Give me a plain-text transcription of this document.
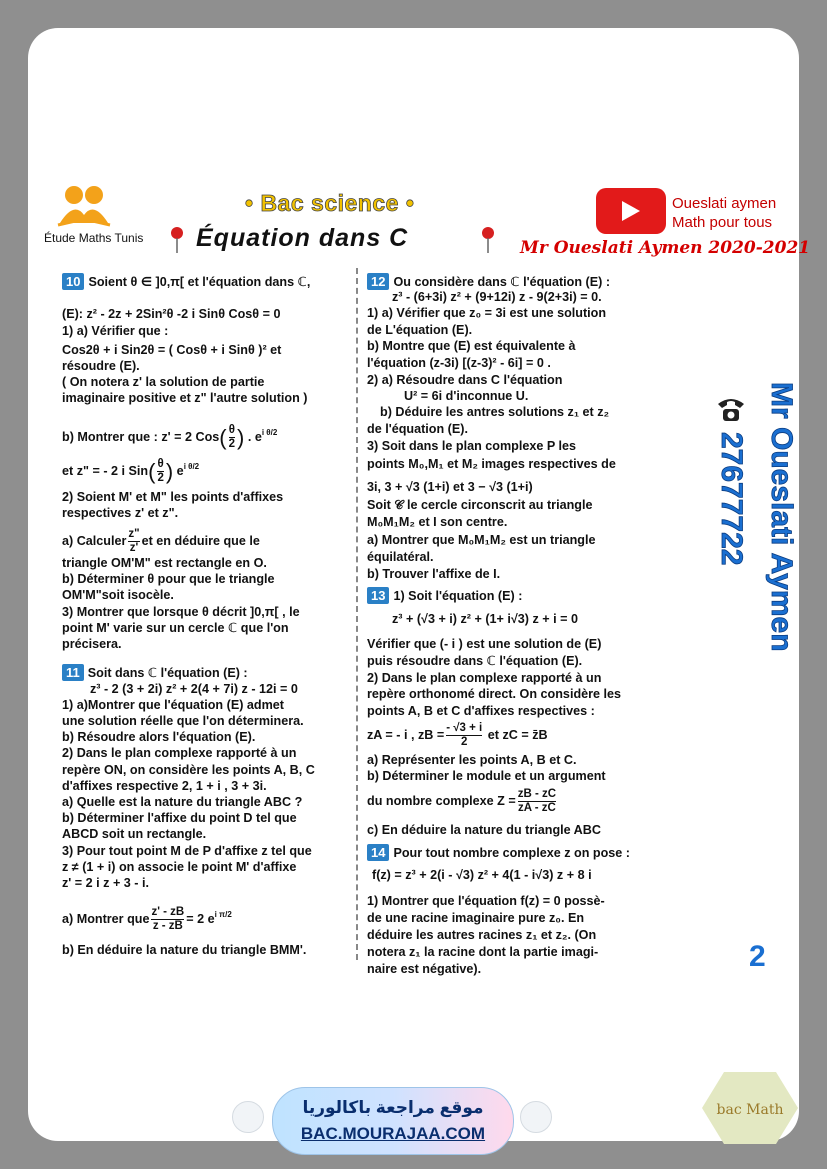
Étude Maths Tunis
• Bac science •
Équation dans C
Oueslati aymen
Math pour tous
Mr Oueslati Aymen 2020-2021
10 Soient θ ∈ ]0,π[ et l'équation dans ℂ,
(E): z² - 2z + 2Sin²θ -2 i Sinθ Cosθ = 0
1) a) Vérifier que :
Cos2θ + i Sin2θ = ( Cosθ + i Sinθ )² et
résoudre (E).
( On notera z' la solution de partie
imaginaire positive et z" l'autre solution )
b) Montrer que : z' = 2 $Cos( \frac{\theta}{2}$ ) . $e^{i \theta/2}$
et z" = - 2 i $Sin( \frac{\theta}{2}$ ) $e^{i \theta/2}$
2) Soient M' et M" les points d'affixes
respectives z' et z".
a) Calculer $\frac{z"}{z'}$ et en déduire que le
triangle OM'M" est rectangle en O.
b) Déterminer θ pour que le triangle
OM'M"soit isocèle.
3) Montrer que lorsque θ décrit ]0,π[ , le
point M' varie sur un cercle ℂ que l'on
précisera.
11 Soit dans ℂ l'équation (E) :
z³ - 2 (3 + 2i) z² + 2(4 + 7i) z - 12i = 0
1) a)Montrer que l'équation (E) admet
une solution réelle que l'on déterminera.
b) Résoudre alors l'équation (E).
2) Dans le plan complexe rapporté à un
repère ON, on considère les points A, B, C
d'affixes respective 2, 1 + i , 3 + 3i.
a) Quelle est la nature du triangle ABC ?
b) Déterminer l'affixe du point D tel que
ABCD soit un rectangle.
3) Pour tout point M de P d'affixe z tel que
z ≠ (1 + i) on associe le point M' d'affixe
z' = 2 i z + 3 - i.
a) Montrer que $\frac{z' - zB}{z - zB} = 2$ $e^{i \pi/2}$
b) En déduire la nature du triangle BMM'.
12 Ou considère dans ℂ l'équation (E) :
z³ - (6+3i) z² + (9+12i) z - 9(2+3i) = 0.
1) a) Vérifier que z₀ = 3i est une solution
de L'équation (E).
b) Montre que (E) est équivalente à
l'équation (z-3i) [(z-3)² - 6i] = 0 .
2) a) Résoudre dans C l'équation
U² = 6i d'inconnue U.
b) Déduire les antres solutions z₁ et z₂
de l'équation (E).
3) Soit dans le plan complexe P les
points M₀,M₁ et M₂ images respectives de
3i, 3 + √3 (1+i) et 3 − √3 (1+i)
Soit 𝒞 le cercle circonscrit au triangle
M₀M₁M₂ et I son centre.
a) Montrer que M₀M₁M₂ est un triangle
équilatéral.
b) Trouver l'affixe de I.
13 1) Soit l'équation (E) :
z³ + (√3 + i) z² + (1+ i√3) z + i = 0
Vérifier que (- i ) est une solution de (E)
puis résoudre dans ℂ l'équation (E).
2) Dans le plan complexe rapporté à un
repère orthonomé direct. On considère les
points A, B et C d'affixes respectives :
zA = - i , zB = $\frac{- √3 + i}{2}$ et zC = z̄B
a) Représenter les points A, B et C.
b) Déterminer le module et un argument
du nombre complexe $Z = \frac{zB - zC}{zA - zC}$
c) En déduire la nature du triangle ABC
14 Pour tout nombre complexe z on pose :
f(z) = z³ + 2(i - √3) z² + 4(1 - i√3) z + 8 i
1) Montrer que l'équation f(z) = 0 possè-
de une racine imaginaire pure z₀. En
déduire les autres racines z₁ et z₂. (On
notera z₁ la racine dont la partie imagi-
naire est négative).
Mr Oueslati Aymen
27677722
2
موقع مراجعة باكالوريا
BAC.MOURAJAA.COM
bac Math
